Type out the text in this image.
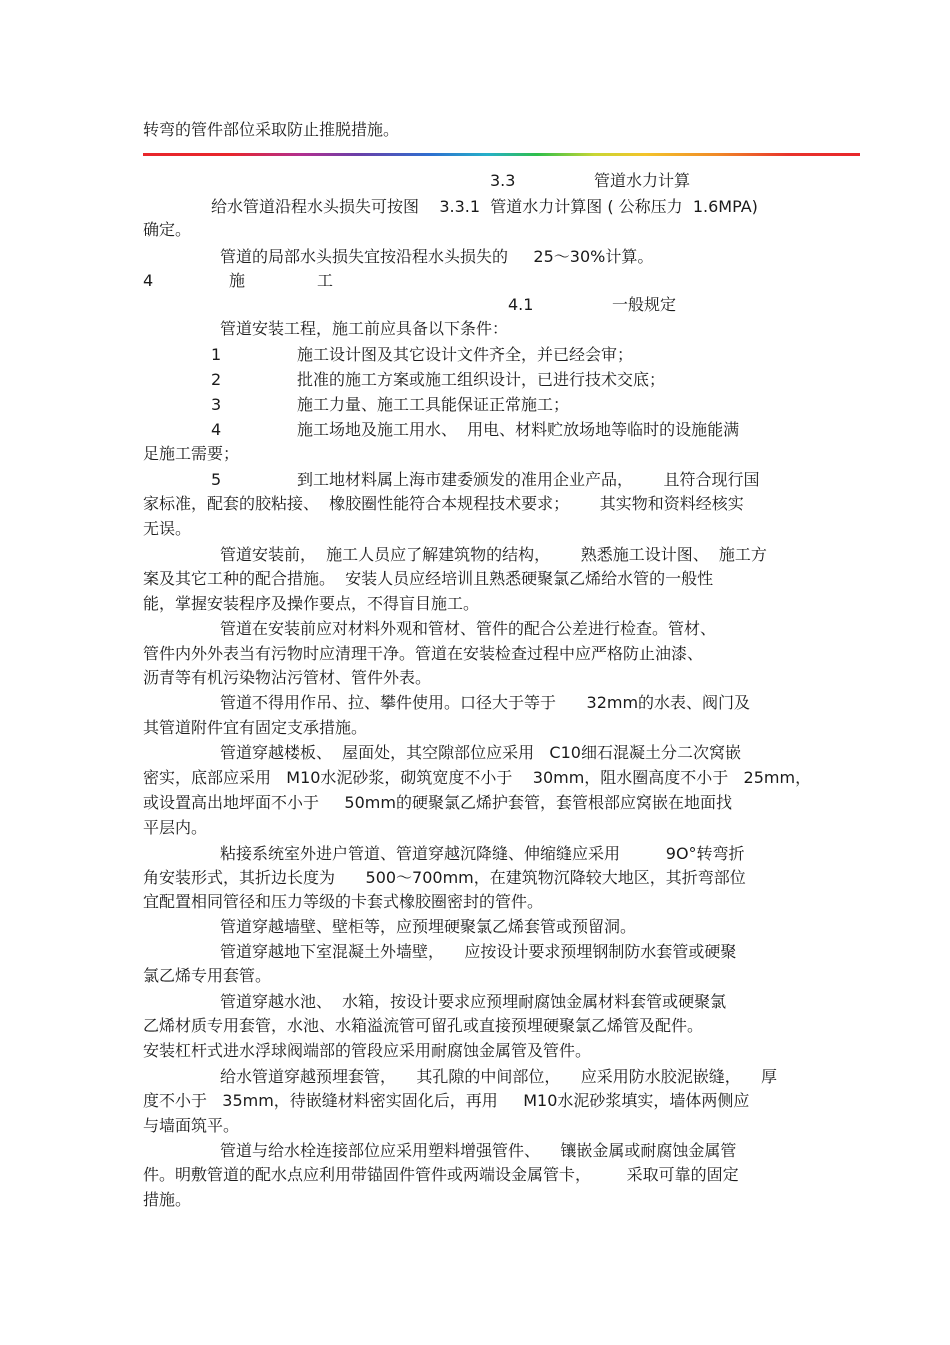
转弯的管件部位采取防止推脱措施。
3.3	管道水力计算
给水管道沿程水头损失可按图    3.3.1  管道水力计算图 ( 公称压力  1.6MPA)
确定。
管道的局部水头损失宜按沿程水头损失的     25～30%计算。
4	施	工
4.1	一般规定
管道安装工程，施工前应具备以下条件：
1	施工设计图及其它设计文件齐全，并已经会审；
2	批准的施工方案或施工组织设计，已进行技术交底；
3	施工力量、施工工具能保证正常施工；
4	施工场地及施工用水、  用电、材料贮放场地等临时的设施能满
足施工需要；
5	到工地材料属上海市建委颁发的准用企业产品，      且符合现行国
家标准，配套的胶粘接、  橡胶圈性能符合本规程技术要求；      其实物和资料经核实
无误。
管道安装前，  施工人员应了解建筑物的结构，      熟悉施工设计图、  施工方
案及其它工种的配合措施。  安装人员应经培训且熟悉硬聚氯乙烯给水管的一般性
能，掌握安装程序及操作要点，不得盲目施工。
管道在安装前应对材料外观和管材、管件的配合公差进行检查。管材、
管件内外外表当有污物时应清理干净。管道在安装检查过程中应严格防止油漆、
沥青等有机污染物沾污管材、管件外表。
管道不得用作吊、拉、攀件使用。口径大于等于      32mm的水表、阀门及
其管道附件宜有固定支承措施。
管道穿越楼板、  屋面处，其空隙部位应采用   C10细石混凝土分二次窝嵌
密实，底部应采用   M10水泥砂浆，砌筑宽度不小于    30mm，阻水圈高度不小于   25mm，
或设置高出地坪面不小于     50mm的硬聚氯乙烯护套管，套管根部应窝嵌在地面找
平层内。
粘接系统室外进户管道、管道穿越沉降缝、伸缩缝应采用         9O°转弯折
角安装形式，其折边长度为      500～700mm，在建筑物沉降较大地区，其折弯部位
宜配置相同管径和压力等级的卡套式橡胶圈密封的管件。
管道穿越墙壁、壁柜等，应预埋硬聚氯乙烯套管或预留洞。
管道穿越地下室混凝土外墙壁，    应按设计要求预埋钢制防水套管或硬聚
氯乙烯专用套管。
管道穿越水池、  水箱，按设计要求应预埋耐腐蚀金属材料套管或硬聚氯
乙烯材质专用套管，水池、水箱溢流管可留孔或直接预埋硬聚氯乙烯管及配件。
安装杠杆式进水浮球阀端部的管段应采用耐腐蚀金属管及管件。
给水管道穿越预埋套管，    其孔隙的中间部位，    应采用防水胶泥嵌缝，    厚
度不小于   35mm，待嵌缝材料密实固化后，再用     M10水泥砂浆填实，墙体两侧应
与墙面筑平。
管道与给水栓连接部位应采用塑料增强管件、    镶嵌金属或耐腐蚀金属管
件。明敷管道的配水点应利用带锚固件管件或两端设金属管卡，       采取可靠的固定
措施。
